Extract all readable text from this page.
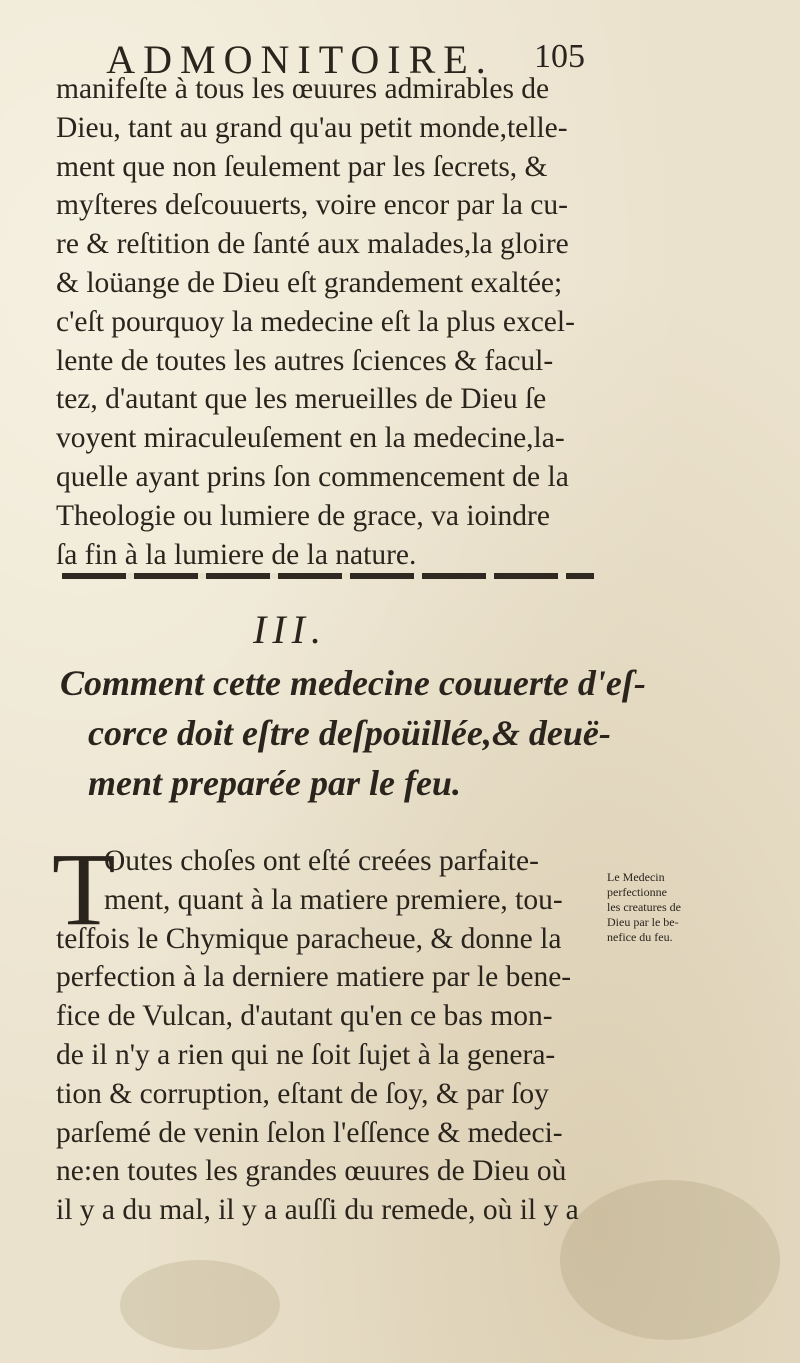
ADMONITOIRE.	105
manifeſte à tous les œuures admirables de
Dieu, tant au grand qu'au petit monde,telle-
ment que non ſeulement par les ſecrets, &
myſteres deſcouuerts, voire encor par la cu-
re & reſtition de ſanté aux malades,la gloire
& loüange de Dieu eſt grandement exaltée;
c'eſt pourquoy la medecine eſt la plus excel-
lente de toutes les autres ſciences & facul-
tez, d'autant que les merueilles de Dieu ſe
voyent miraculeuſement en la medecine,la-
quelle ayant prins ſon commencement de la
Theologie ou lumiere de grace, va ioindre
ſa fin à la lumiere de la nature.
III.
Comment cette medecine couuerte d'eſ-
corce doit eſtre deſpoüillée,& deuë-
ment preparée par le feu.
T
Outes choſes ont eſté creées parfaite-
ment, quant à la matiere premiere, tou-
teſfois le Chymique paracheue, & donne la
perfection à la derniere matiere par le bene-
fice de Vulcan, d'autant qu'en ce bas mon-
de il n'y a rien qui ne ſoit ſujet à la genera-
tion & corruption, eſtant de ſoy, & par ſoy
parſemé de venin ſelon l'eſſence & medeci-
ne:en toutes les grandes œuures de Dieu où
il y a du mal, il y a auſſi du remede, où il y a
Le Medecin
perfectionne
les creatures de
Dieu par le be-
nefice du feu.
